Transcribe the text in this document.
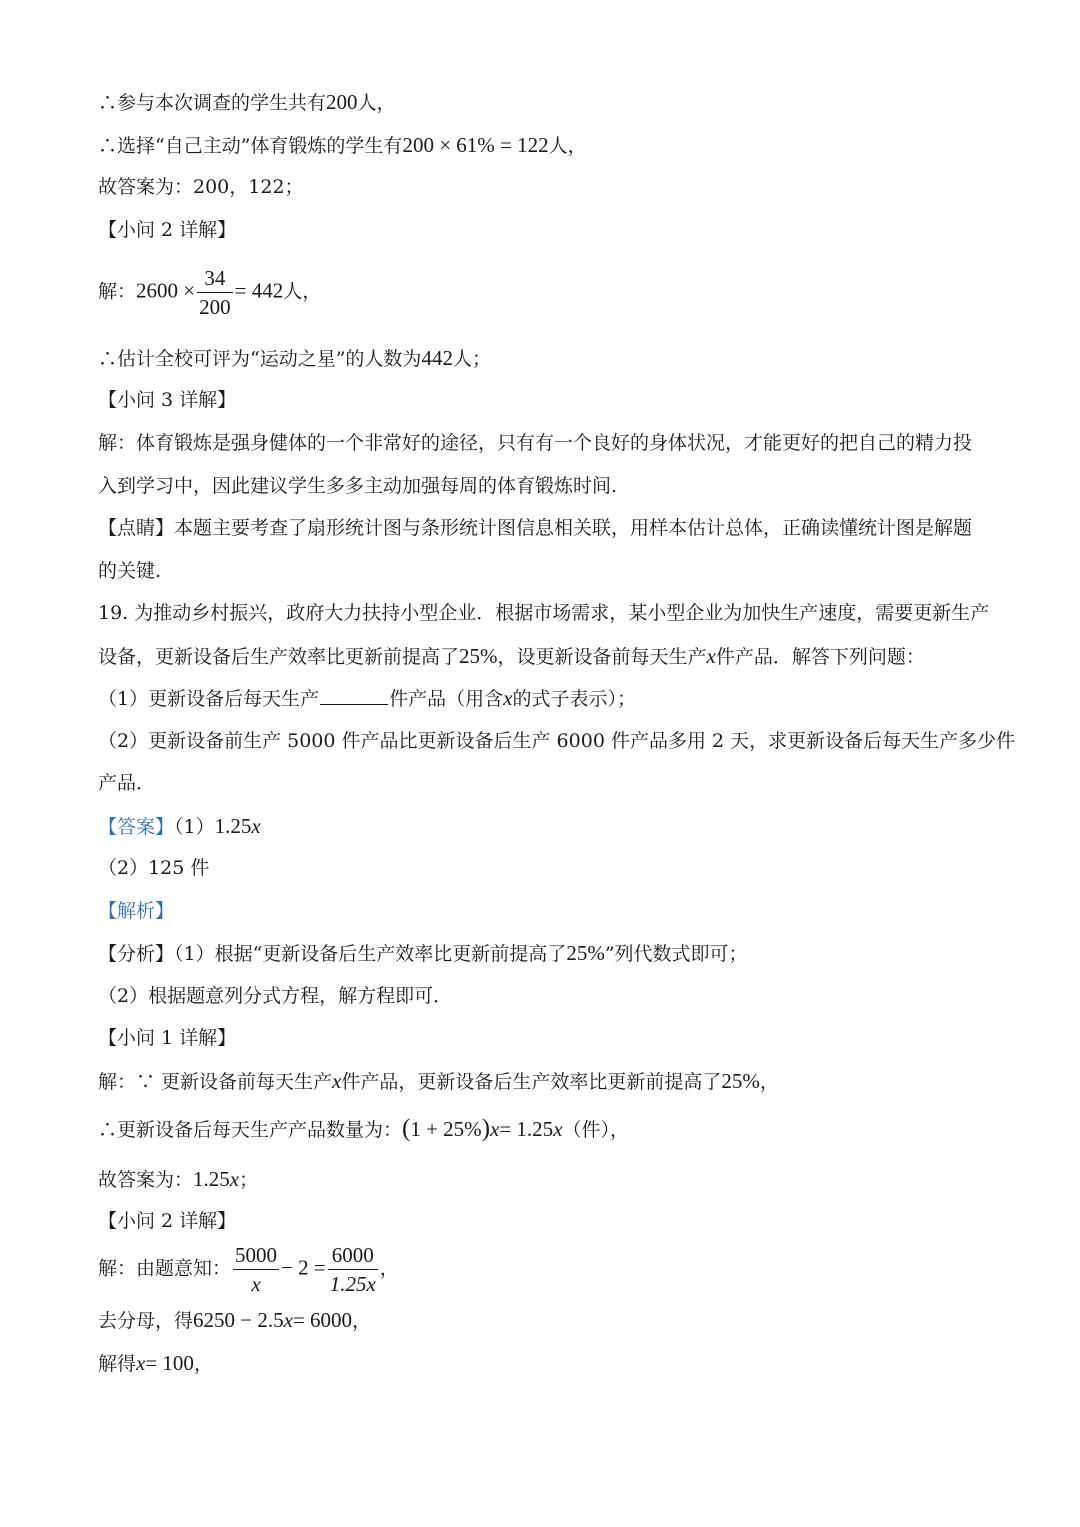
∴参与本次调查的学生共有200人，
∴选择“自己主动”体育锻炼的学生有200 × 61% = 122人，
故答案为：200，122；
【小问 2 详解】
解：$2600 \times \frac{34}{200} = 442$人，
∴估计全校可评为“运动之星”的人数为442人；
【小问 3 详解】
解：体育锻炼是强身健体的一个非常好的途径，只有有一个良好的身体状况，才能更好的把自己的精力投
入到学习中，因此建议学生多多主动加强每周的体育锻炼时间.
【点睛】本题主要考查了扇形统计图与条形统计图信息相关联，用样本估计总体，正确读懂统计图是解题
的关键.
19. 为推动乡村振兴，政府大力扶持小型企业．根据市场需求，某小型企业为加快生产速度，需要更新生产
设备，更新设备后生产效率比更新前提高了25%，设更新设备前每天生产x件产品．解答下列问题：
（1）更新设备后每天生产	件产品（用含x的式子表示）；
（2）更新设备前生产 5000 件产品比更新设备后生产 6000 件产品多用 2 天，求更新设备后每天生产多少件
产品．
【答案】（1）1.25x
（2）125 件
【解析】
【分析】（1）根据“更新设备后生产效率比更新前提高了25%”列代数式即可；
（2）根据题意列分式方程，解方程即可．
【小问 1 详解】
解：∵ 更新设备前每天生产x件产品，更新设备后生产效率比更新前提高了25%，
∴更新设备后每天生产产品数量为：(1 + 25%)x= 1.25x（件），
故答案为：1.25x；
【小问 2 详解】
解：由题意知： $\frac{5000}{x} - 2 = \frac{6000}{1.25x}$ ，
去分母，得6250 − 2.5x= 6000，
解得x= 100，
